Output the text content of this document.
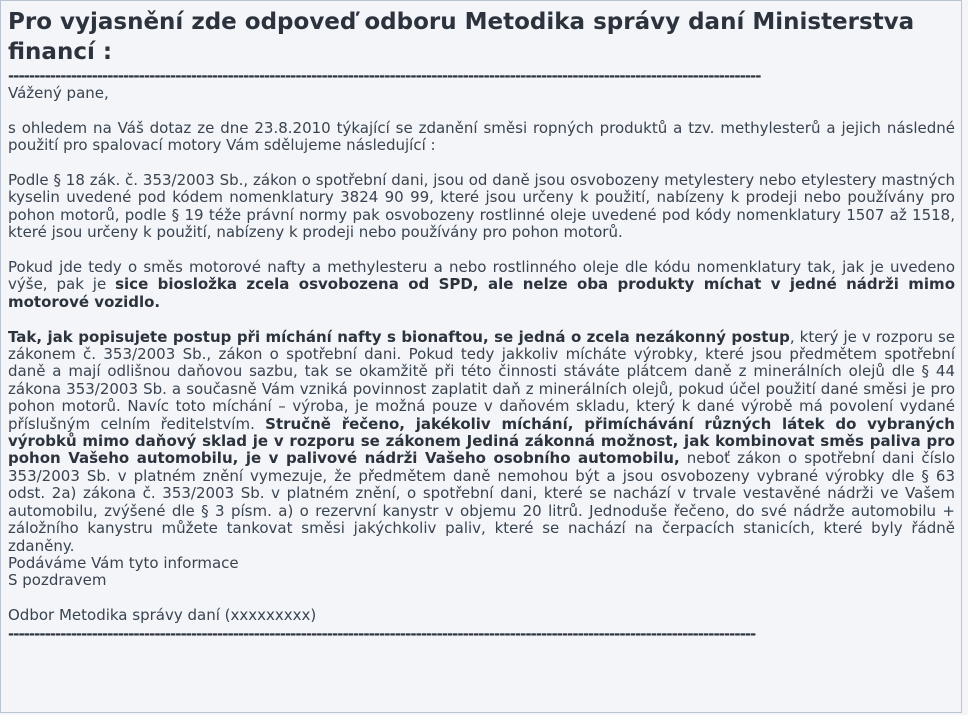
Pro vyjasnění zde odpoveď odboru Metodika správy daní Ministerstva financí :
------------------------------------------------------------------------------------------------------------------------------------------------

Vážený pane,

s ohledem na Váš dotaz ze dne 23.8.2010 týkající se zdanění směsi ropných produktů a tzv. methylesterů a jejich následné použití pro spalovací motory Vám sdělujeme následující :

Podle § 18 zák. č. 353/2003 Sb., zákon o spotřební dani, jsou od daně jsou osvobozeny metylestery nebo etylestery mastných kyselin uvedené pod kódem nomenklatury 3824 90 99, které jsou určeny k použití, nabízeny k prodeji nebo používány pro pohon motorů, podle § 19 téže právní normy pak osvobozeny rostlinné oleje uvedené pod kódy nomenklatury 1507 až 1518, které jsou určeny k použití, nabízeny k prodeji nebo používány pro pohon motorů.

Pokud jde tedy o směs motorové nafty a methylesteru a nebo rostlinného oleje dle kódu nomenklatury tak, jak je uvedeno výše, pak je sice biosložka zcela osvobozena od SPD, ale nelze oba produkty míchat v jedné nádrži mimo motorové vozidlo.

Tak, jak popisujete postup při míchání nafty s bionaftou, se jedná o zcela nezákonný postup, který je v rozporu se zákonem č. 353/2003 Sb., zákon o spotřební dani. Pokud tedy jakkoliv mícháte výrobky, které jsou předmětem spotřební daně a mají odlišnou daňovou sazbu, tak se okamžitě při této činnosti stáváte plátcem daně z minerálních olejů dle § 44 zákona 353/2003 Sb. a současně Vám vzniká povinnost zaplatit daň z minerálních olejů, pokud účel použití dané směsi je pro pohon motorů. Navíc toto míchání – výroba, je možná pouze v daňovém skladu, který k dané výrobě má povolení vydané příslušným celním ředitelstvím. Stručně řečeno, jakékoliv míchání, přimíchávání různých látek do vybraných výrobků mimo daňový sklad je v rozporu se zákonem Jediná zákonná možnost, jak kombinovat směs paliva pro pohon Vašeho automobilu, je v palivové nádrži Vašeho osobního automobilu, neboť zákon o spotřební dani číslo 353/2003 Sb. v platném znění vymezuje, že předmětem daně nemohou být a jsou osvobozeny vybrané výrobky dle § 63 odst. 2a) zákona č. 353/2003 Sb. v platném znění, o spotřební dani, které se nachází v trvale vestavěné nádrži ve Vašem automobilu, zvýšené dle § 3 písm. a) o rezervní kanystr v objemu 20 litrů. Jednoduše řečeno, do své nádrže automobilu + záložního kanystru můžete tankovat směsi jakýchkoliv paliv, které se nachází na čerpacích stanicích, které byly řádně zdaněny.

Podáváme Vám tyto informace

S pozdravem

Odbor Metodika správy daní (xxxxxxxxx)

-----------------------------------------------------------------------------------------------------------------------------------------------
